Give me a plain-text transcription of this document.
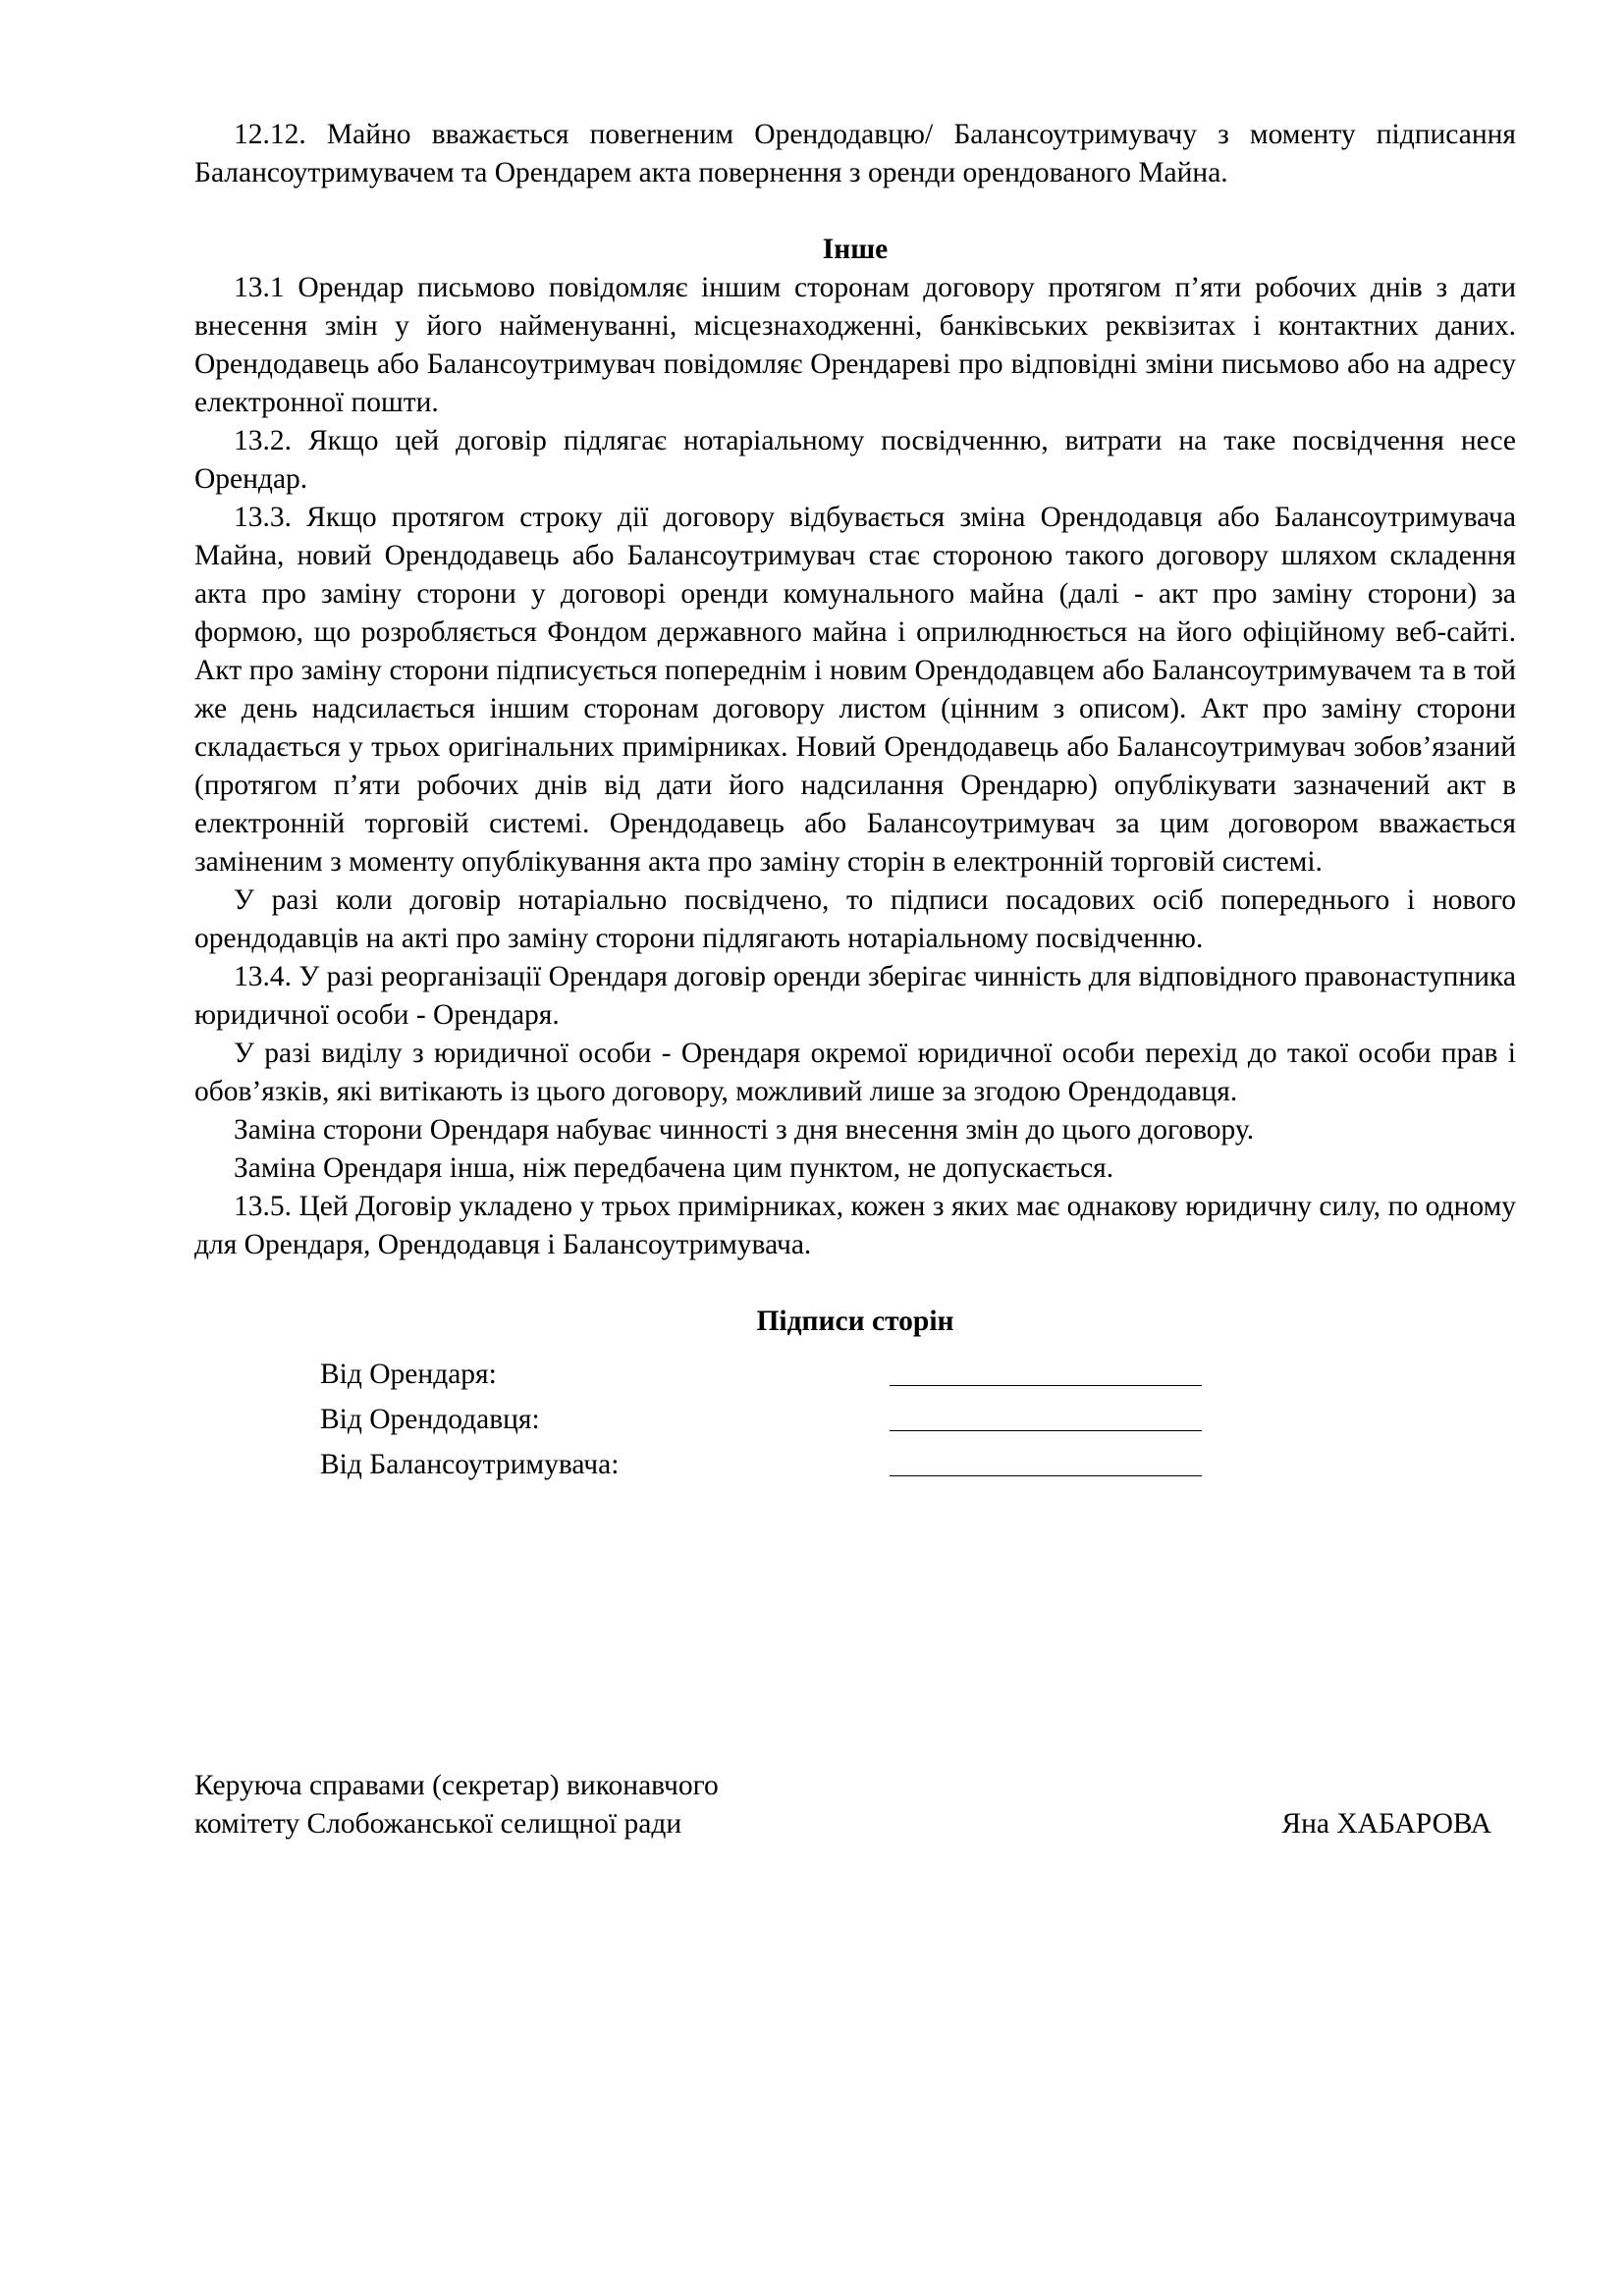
12.12. Майно вважається повerненим Орендодавцю/ Балансоутримувачу з моменту підписання Балансоутримувачем та Орендарем акта повернення з оренди орендованого Майна.

Інше

13.1 Орендар письмово повідомляє іншим сторонам договору протягом п’яти робочих днів з дати внесення змін у його найменуванні, місцезнаходженні, банківських реквізитах і контактних даних. Орендодавець або Балансоутримувач повідомляє Орендареві про відповідні зміни письмово або на адресу електронної пошти.

13.2. Якщо цей договір підлягає нотаріальному посвідченню, витрати на таке посвідчення несе Орендар.

13.3. Якщо протягом строку дії договору відбувається зміна Орендодавця або Балансоутримувача Майна, новий Орендодавець або Балансоутримувач стає стороною такого договору шляхом складення акта про заміну сторони у договорі оренди комунального майна (далі - акт про заміну сторони) за формою, що розробляється Фондом державного майна і оприлюднюється на його офіційному веб-сайті. Акт про заміну сторони підписується попереднім і новим Орендодавцем або Балансоутримувачем та в той же день надсилається іншим сторонам договору листом (цінним з описом). Акт про заміну сторони складається у трьох оригінальних примірниках. Новий Орендодавець або Балансоутримувач зобов’язаний (протягом п’яти робочих днів від дати його надсилання Орендарю) опублікувати зазначений акт в електронній торговій системі. Орендодавець або Балансоутримувач за цим договором вважається заміненим з моменту опублікування акта про заміну сторін в електронній торговій системі.

У разі коли договір нотаріально посвідчено, то підписи посадових осіб попереднього і нового орендодавців на акті про заміну сторони підлягають нотаріальному посвідченню.

13.4. У разі реорганізації Орендаря договір оренди зберігає чинність для відповідного правонаступника юридичної особи - Орендаря.

У разі виділу з юридичної особи - Орендаря окремої юридичної особи перехід до такої особи прав і обов’язків, які витікають із цього договору, можливий лише за згодою Орендодавця.

Заміна сторони Орендаря набуває чинності з дня внесення змін до цього договору.

Заміна Орендаря інша, ніж передбачена цим пунктом, не допускається.

13.5. Цей Договір укладено у трьох примірниках, кожен з яких має однакову юридичну силу, по одному для Орендаря, Орендодавця і Балансоутримувача.

Підписи сторін
Від Орендаря:
Від Орендодавця:
Від Балансоутримувача:
Керуюча справами (секретар) виконавчого
комітету Слобожанської селищної ради	Яна ХАБАРОВА
